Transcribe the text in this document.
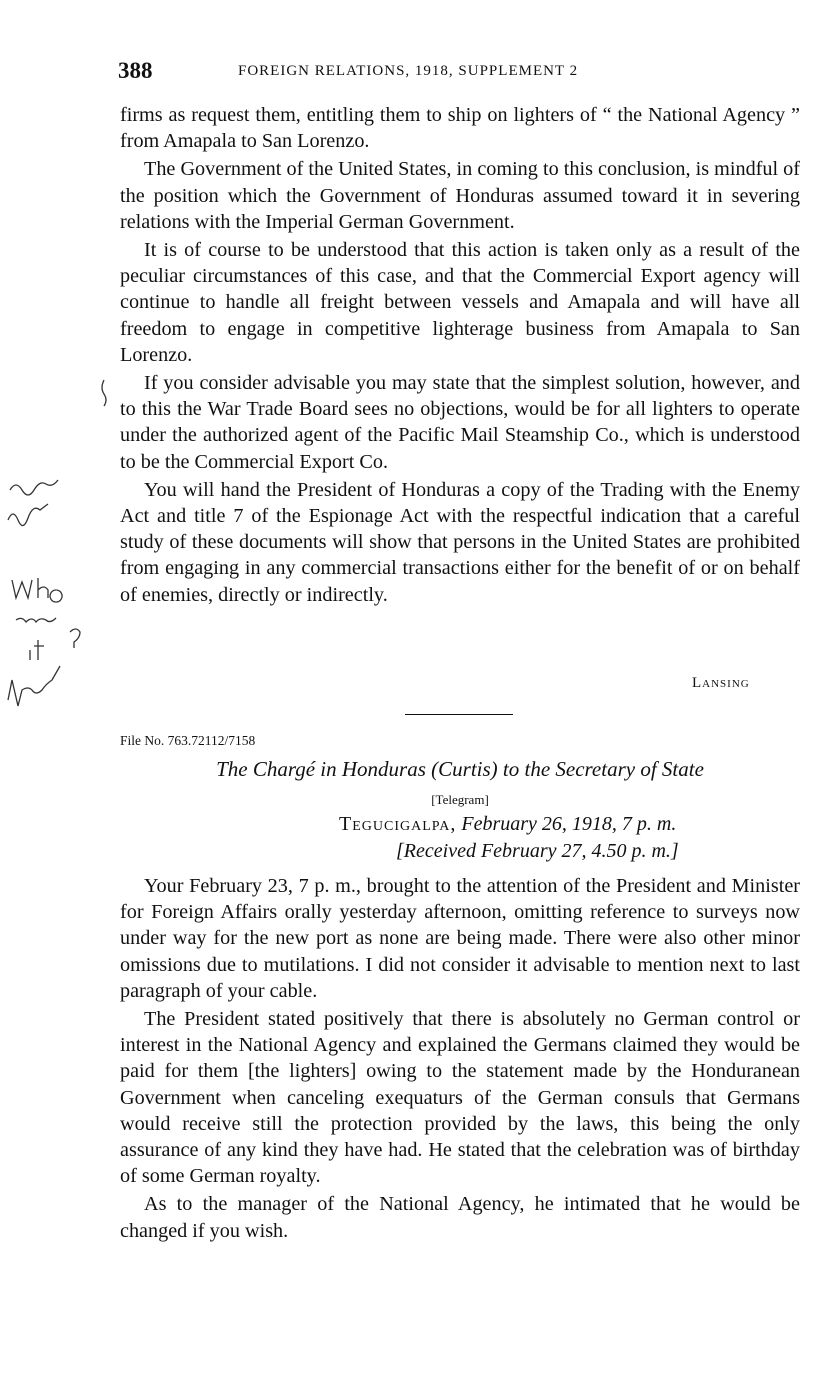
388	FOREIGN RELATIONS, 1918, SUPPLEMENT 2

firms as request them, entitling them to ship on lighters of “ the National Agency ” from Amapala to San Lorenzo.

The Government of the United States, in coming to this conclusion, is mindful of the position which the Government of Honduras assumed toward it in severing relations with the Imperial German Government.

It is of course to be understood that this action is taken only as a result of the peculiar circumstances of this case, and that the Commercial Export agency will continue to handle all freight between vessels and Amapala and will have all freedom to engage in competitive lighterage business from Amapala to San Lorenzo.

If you consider advisable you may state that the simplest solution, however, and to this the War Trade Board sees no objections, would be for all lighters to operate under the authorized agent of the Pacific Mail Steamship Co., which is understood to be the Commercial Export Co.

You will hand the President of Honduras a copy of the Trading with the Enemy Act and title 7 of the Espionage Act with the respectful indication that a careful study of these documents will show that persons in the United States are prohibited from engaging in any commercial transactions either for the benefit of or on behalf of enemies, directly or indirectly.

Lansing
File No. 763.72112/7158
The Chargé in Honduras (Curtis) to the Secretary of State
[Telegram]
Tegucigalpa, February 26, 1918, 7 p. m.
[Received February 27, 4.50 p. m.]

Your February 23, 7 p. m., brought to the attention of the President and Minister for Foreign Affairs orally yesterday afternoon, omitting reference to surveys now under way for the new port as none are being made. There were also other minor omissions due to mutilations. I did not consider it advisable to mention next to last paragraph of your cable.

The President stated positively that there is absolutely no German control or interest in the National Agency and explained the Germans claimed they would be paid for them [the lighters] owing to the statement made by the Honduranean Government when canceling exequaturs of the German consuls that Germans would receive still the protection provided by the laws, this being the only assurance of any kind they have had. He stated that the celebration was of birthday of some German royalty.

As to the manager of the National Agency, he intimated that he would be changed if you wish.
